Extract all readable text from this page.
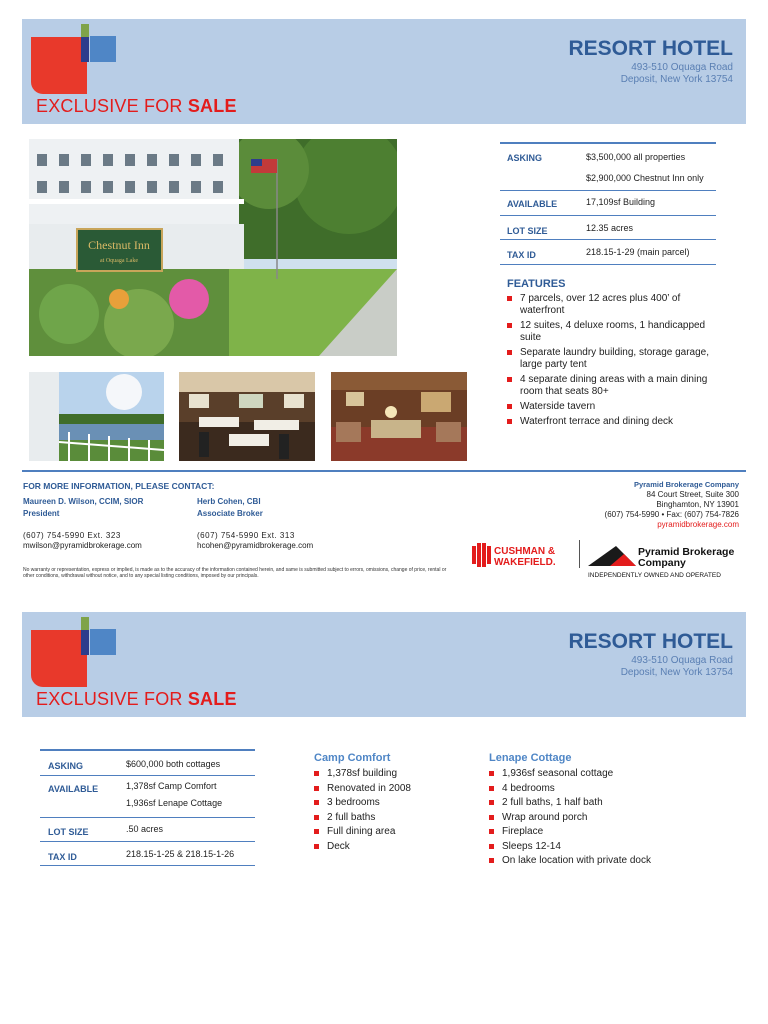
EXCLUSIVE FOR SALE
RESORT HOTEL
493-510 Oquaga Road
Deposit, New York 13754
Chestnut Inn
at Oquaga Lake
ASKING	$3,500,000 all properties
	$2,900,000 Chestnut Inn only
AVAILABLE	17,109sf Building
LOT SIZE	12.35 acres
TAX ID	218.15-1-29 (main parcel)
FEATURES
7 parcels, over 12 acres plus 400’ of waterfront
12 suites, 4 deluxe rooms, 1 handicapped suite
Separate laundry building, storage garage, large party tent
4 separate dining areas with a main dining room that seats 80+
Waterside tavern
Waterfront terrace and dining deck
FOR MORE INFORMATION, PLEASE CONTACT:
Maureen D. Wilson, CCIM, SIOR
President
(607) 754-5990 Ext. 323
mwilson@pyramidbrokerage.com
Herb Cohen, CBI
Associate Broker
(607) 754-5990 Ext. 313
hcohen@pyramidbrokerage.com
Pyramid Brokerage Company
84 Court Street, Suite 300
Binghamton, NY 13901
(607) 754-5990 • Fax: (607) 754-7826
pyramidbrokerage.com
No warranty or representation, express or implied, is made as to the accuracy of the information contained herein, and same is submitted subject to errors, omissions, change of price, rental or other conditions, withdrawal without notice, and to any special listing conditions, imposed by our principals.
CUSHMAN &
WAKEFIELD.
Pyramid Brokerage
Company
INDEPENDENTLY OWNED AND OPERATED
EXCLUSIVE FOR SALE
RESORT HOTEL
493-510 Oquaga Road
Deposit, New York 13754
ASKING	$600,000 both cottages
AVAILABLE	1,378sf Camp Comfort
	1,936sf Lenape Cottage
LOT SIZE	.50 acres
TAX ID	218.15-1-25 & 218.15-1-26
Camp Comfort
1,378sf building
Renovated in 2008
3 bedrooms
2 full baths
Full dining area
Deck
Lenape Cottage
1,936sf seasonal cottage
4 bedrooms
2 full baths, 1 half bath
Wrap around porch
Fireplace
Sleeps 12-14
On lake location with private dock
